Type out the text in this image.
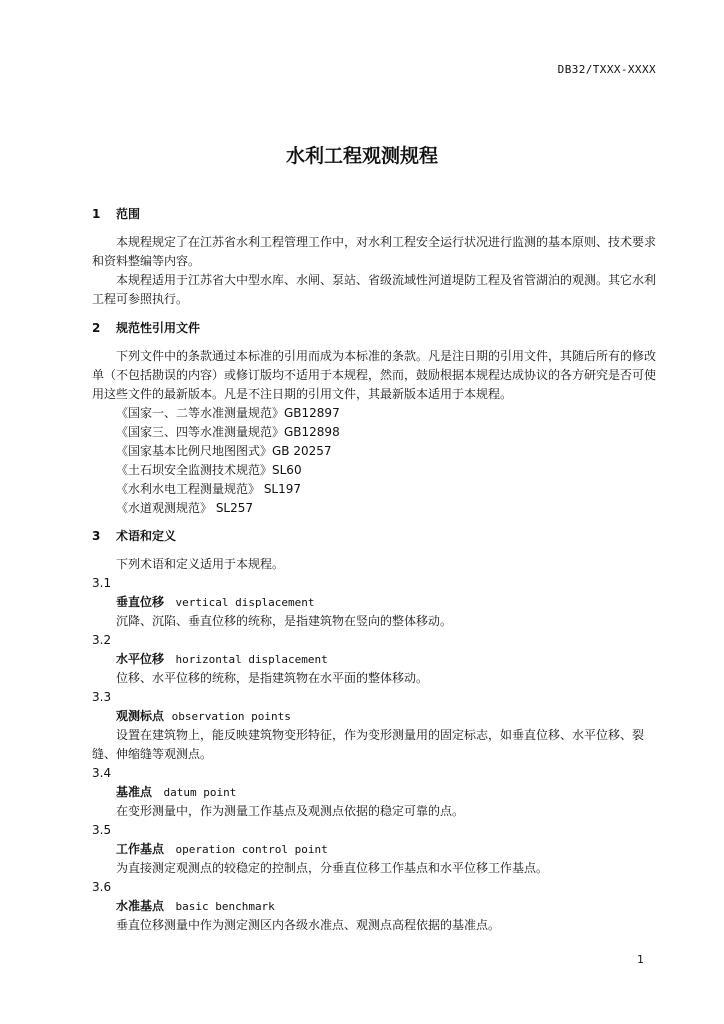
DB32/TXXX-XXXX
水利工程观测规程
1 范围
本规程规定了在江苏省水利工程管理工作中，对水利工程安全运行状况进行监测的基本原则、技术要求和资料整编等内容。
本规程适用于江苏省大中型水库、水闸、泵站、省级流域性河道堤防工程及省管湖泊的观测。其它水利工程可参照执行。
2 规范性引用文件
下列文件中的条款通过本标准的引用而成为本标准的条款。凡是注日期的引用文件，其随后所有的修改单（不包括勘误的内容）或修订版均不适用于本规程，然而，鼓励根据本规程达成协议的各方研究是否可使用这些文件的最新版本。凡是不注日期的引用文件，其最新版本适用于本规程。
《国家一、二等水准测量规范》GB12897
《国家三、四等水准测量规范》GB12898
《国家基本比例尺地图图式》GB 20257
《土石坝安全监测技术规范》SL60
《水利水电工程测量规范》 SL197
《水道观测规范》 SL257
3 术语和定义
下列术语和定义适用于本规程。
3.1
垂直位移 vertical displacement
沉降、沉陷、垂直位移的统称，是指建筑物在竖向的整体移动。
3.2
水平位移 horizontal displacement
位移、水平位移的统称，是指建筑物在水平面的整体移动。
3.3
观测标点 observation points
设置在建筑物上，能反映建筑物变形特征，作为变形测量用的固定标志，如垂直位移、水平位移、裂缝、伸缩缝等观测点。
3.4
基准点 datum point
在变形测量中，作为测量工作基点及观测点依据的稳定可靠的点。
3.5
工作基点 operation control point
为直接测定观测点的较稳定的控制点，分垂直位移工作基点和水平位移工作基点。
3.6
水准基点 basic benchmark
垂直位移测量中作为测定测区内各级水准点、观测点高程依据的基准点。
1
